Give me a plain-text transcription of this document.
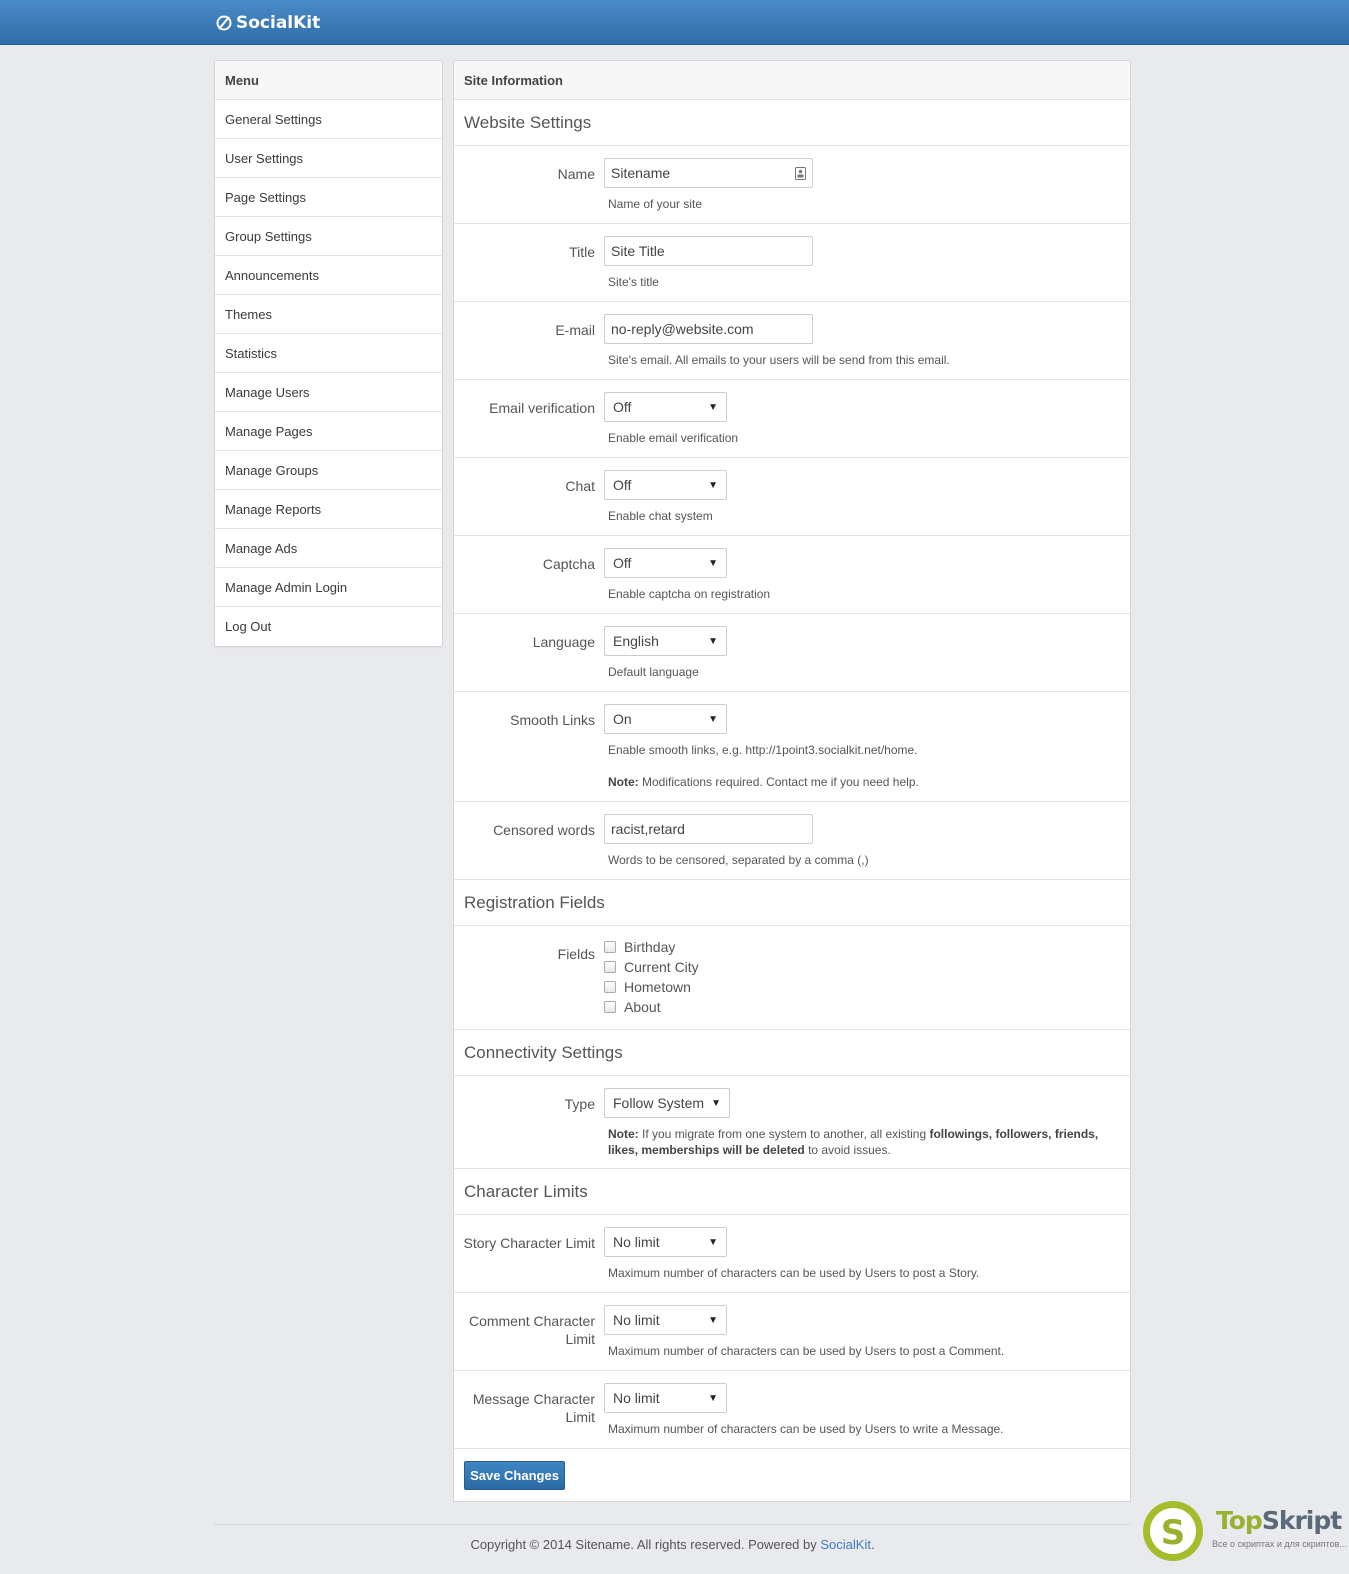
SocialKit
Menu
General Settings
User Settings
Page Settings
Group Settings
Announcements
Themes
Statistics
Manage Users
Manage Pages
Manage Groups
Manage Reports
Manage Ads
Manage Admin Login
Log Out
Site Information
Website Settings
Name Sitename
Name of your site
Title Site Title
Site's title
E-mail no-reply@website.com
Site's email. All emails to your users will be send from this email.
Email verification Off	▼
Enable email verification
Chat Off	▼
Enable chat system
Captcha Off	▼
Enable captcha on registration
Language English	▼
Default language
Smooth Links On	▼
Enable smooth links, e.g. http://1point3.socialkit.net/home.
Note: Modifications required. Contact me if you need help.
Censored words racist,retard
Words to be censored, separated by a comma (,)
Registration Fields
Fields Birthday
Current City
Hometown
About
Connectivity Settings
Type Follow System ▼
Note: If you migrate from one system to another, all existing followings, followers, friends,
likes, memberships will be deleted to avoid issues.
Character Limits
Story Character Limit No limit	▼
Maximum number of characters can be used by Users to post a Story.
Comment Character
Limit
No limit	▼
Maximum number of characters can be used by Users to post a Comment.
Message Character
Limit
No limit	▼
Maximum number of characters can be used by Users to write a Message.
Save Changes
Copyright © 2014 Sitename. All rights reserved. Powered by SocialKit.	S TopSkript
Все о скриптах и для скриптов...
